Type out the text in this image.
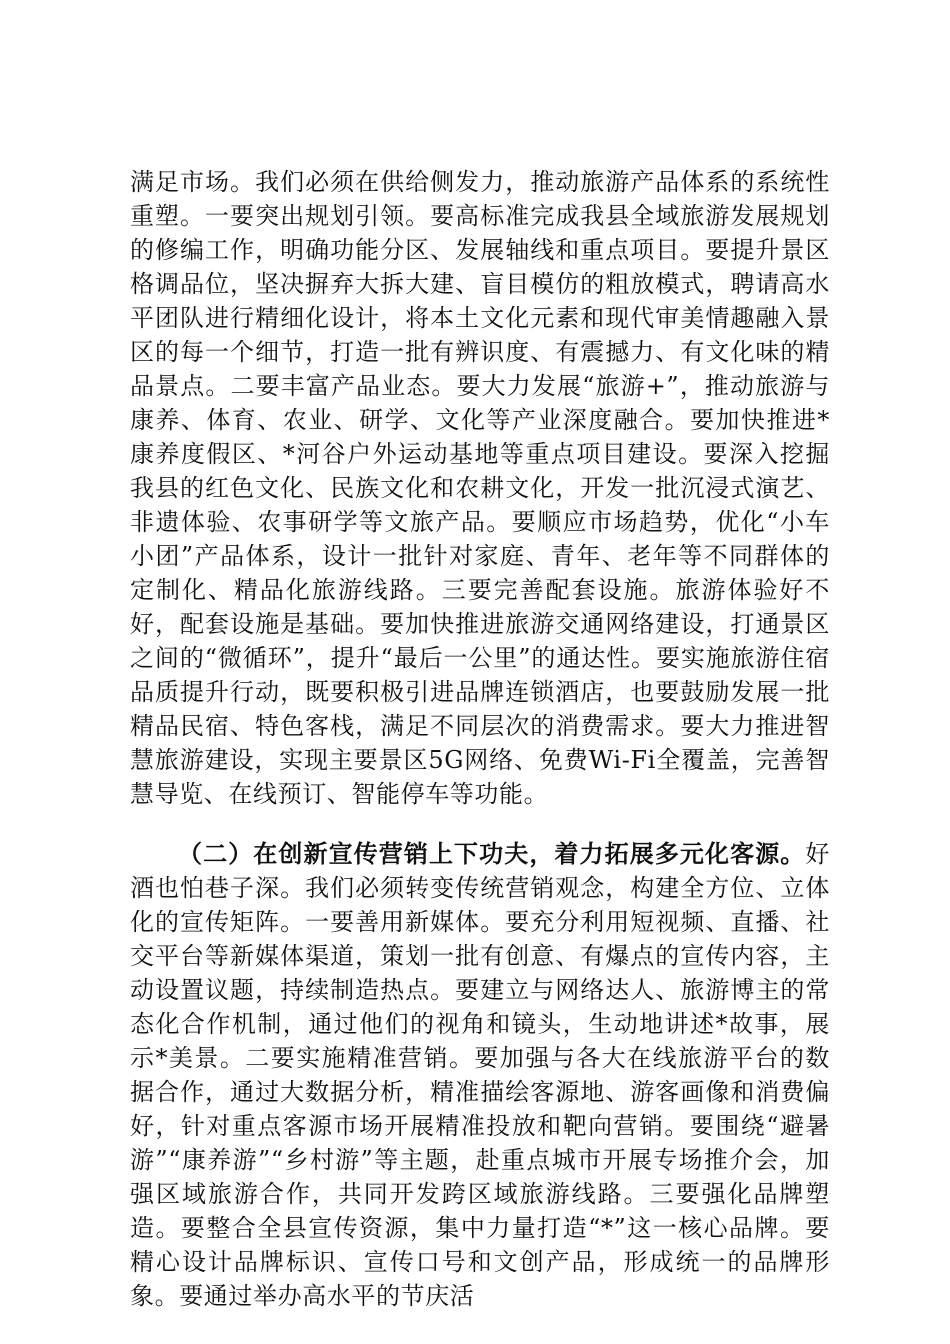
满足市场。我们必须在供给侧发力，推动旅游产品体系的系统性重塑。一要突出规划引领。要高标准完成我县全域旅游发展规划的修编工作，明确功能分区、发展轴线和重点项目。要提升景区格调品位，坚决摒弃大拆大建、盲目模仿的粗放模式，聘请高水平团队进行精细化设计，将本土文化元素和现代审美情趣融入景区的每一个细节，打造一批有辨识度、有震撼力、有文化味的精品景点。二要丰富产品业态。要大力发展“旅游+”，推动旅游与康养、体育、农业、研学、文化等产业深度融合。要加快推进*康养度假区、*河谷户外运动基地等重点项目建设。要深入挖掘我县的红色文化、民族文化和农耕文化，开发一批沉浸式演艺、非遗体验、农事研学等文旅产品。要顺应市场趋势，优化“小车小团”产品体系，设计一批针对家庭、青年、老年等不同群体的定制化、精品化旅游线路。三要完善配套设施。旅游体验好不好，配套设施是基础。要加快推进旅游交通网络建设，打通景区之间的“微循环”，提升“最后一公里”的通达性。要实施旅游住宿品质提升行动，既要积极引进品牌连锁酒店，也要鼓励发展一批精品民宿、特色客栈，满足不同层次的消费需求。要大力推进智慧旅游建设，实现主要景区5G网络、免费Wi-Fi全覆盖，完善智慧导览、在线预订、智能停车等功能。

（二）在创新宣传营销上下功夫，着力拓展多元化客源。好酒也怕巷子深。我们必须转变传统营销观念，构建全方位、立体化的宣传矩阵。一要善用新媒体。要充分利用短视频、直播、社交平台等新媒体渠道，策划一批有创意、有爆点的宣传内容，主动设置议题，持续制造热点。要建立与网络达人、旅游博主的常态化合作机制，通过他们的视角和镜头，生动地讲述*故事，展示*美景。二要实施精准营销。要加强与各大在线旅游平台的数据合作，通过大数据分析，精准描绘客源地、游客画像和消费偏好，针对重点客源市场开展精准投放和靶向营销。要围绕“避暑游”“康养游”“乡村游”等主题，赴重点城市开展专场推介会，加强区域旅游合作，共同开发跨区域旅游线路。三要强化品牌塑造。要整合全县宣传资源，集中力量打造“*”这一核心品牌。要精心设计品牌标识、宣传口号和文创产品，形成统一的品牌形象。要通过举办高水平的节庆活
